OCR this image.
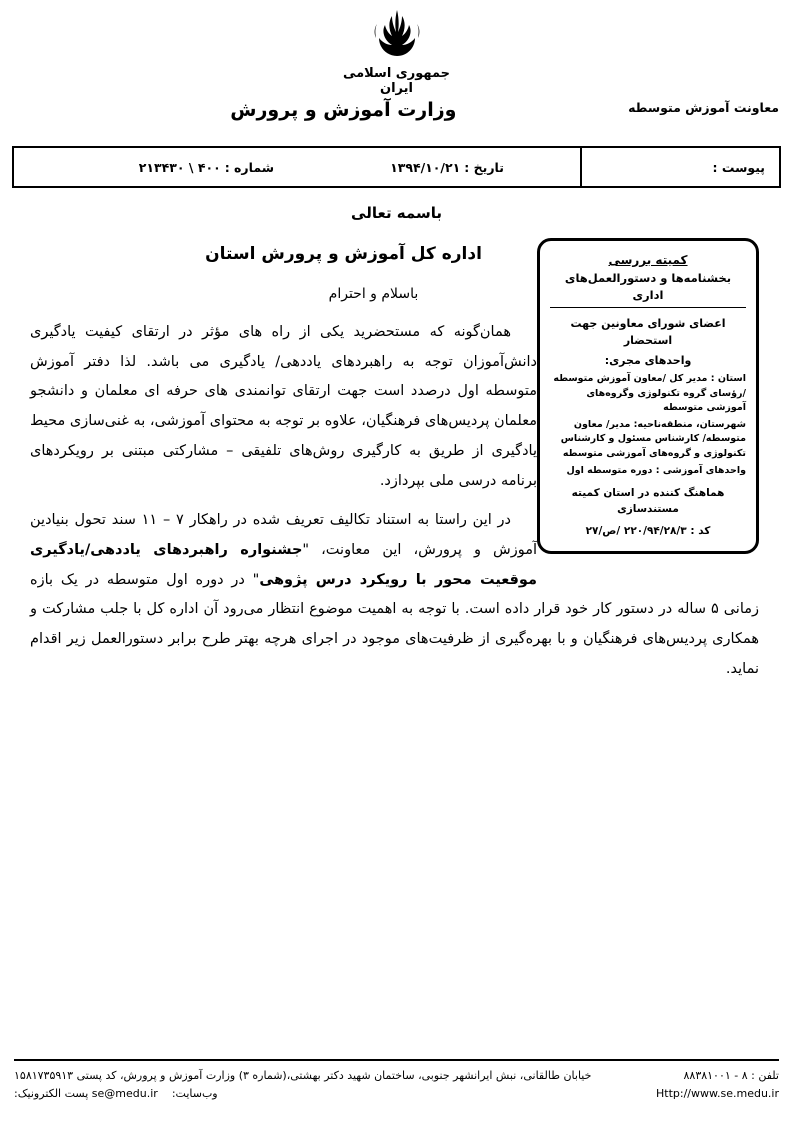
جمهوری اسلامی ایران
وزارت آموزش و پرورش	معاونت آموزش متوسطه
پیوست :
تاریخ :
۱۳۹۴/۱۰/۲۱
شماره :
۴۰۰ \ ۲۱۳۴۳۰
باسمه تعالی
کمیته بررسی
بخشنامه‌ها و دستورالعمل‌های اداری
اعضای شورای معاونین جهت استحضار
واحدهای مجری:
استان : مدیر کل /معاون آموزش متوسطه /رؤسای گروه تکنولوژی وگروه‌های آموزشی متوسطه
شهرستان، منطقه‌ناحیه: مدیر/ معاون متوسطه/ کارشناس مسئول و کارشناس تکنولوژی و گروه‌های آموزشی متوسطه
واحدهای آموزشی : دوره متوسطه اول
هماهنگ کننده در استان کمیته مستندسازی
کد : ۲۲۰/۹۴/۲۸/۳ /ص/۲۷
اداره کل آموزش و پرورش استان
باسلام و احترام

همان‌گونه که مستحضرید یکی از راه های مؤثر در ارتقای کیفیت یادگیری دانش‌آموزان توجه به راهبردهای یاددهی/ یادگیری می باشد. لذا دفتر آموزش متوسطه اول درصدد است جهت ارتقای توانمندی های حرفه ای معلمان و دانشجو معلمان پردیس‌های فرهنگیان، علاوه بر توجه به محتوای آموزشی، به غنی‌سازی محیط یادگیری از طریق به کارگیری روش‌های تلفیقی – مشارکتی مبتنی بر رویکردهای برنامه درسی ملی بپردازد.

در این راستا به استناد تکالیف تعریف شده در راهکار ۷ – ۱۱ سند تحول بنیادین آموزش و پرورش، این معاونت، "جشنواره راهبردهای یاددهی/یادگیری موقعیت محور با رویکرد درس پژوهی" در دوره اول متوسطه در یک بازه زمانی ۵ ساله در دستور کار خود قرار داده است. با توجه به اهمیت موضوع انتظار می‌رود آن اداره کل با جلب مشارکت و همکاری پردیس‌های فرهنگیان و با بهره‌گیری از ظرفیت‌های موجود در اجرای هرچه بهتر طرح برابر دستورالعمل زیر اقدام نماید.

تلفن : ۸ - ۸۸۳۸۱۰۰۱
خیابان طالقانی، نبش ایرانشهر جنوبی، ساختمان شهید دکتر بهشتی،(شماره ۳) وزارت آموزش و پرورش، کد پستی ۱۵۸۱۷۳۵۹۱۳
Http://www.se.medu.ir
وب‌سایت:    se@medu.ir پست الکترونیک:
